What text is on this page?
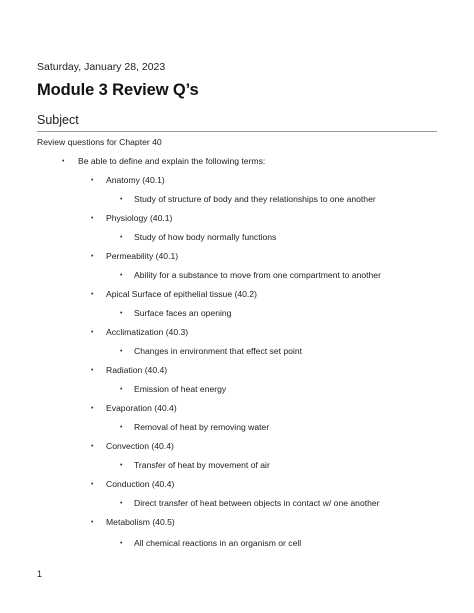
Saturday, January 28, 2023
Module 3 Review Q’s
Subject
Review questions for Chapter 40
• Be able to define and explain the following terms:
• Anatomy (40.1)
• Study of structure of body and they relationships to one another
• Physiology (40.1)
• Study of how body normally functions
• Permeability (40.1)
• Ability for a substance to move from one compartment to another
• Apical Surface of epithelial tissue (40.2)
• Surface faces an opening
• Acclimatization (40.3)
• Changes in environment that effect set point
• Radiation (40.4)
• Emission of heat energy
• Evaporation (40.4)
• Removal of heat by removing water
• Convection (40.4)
• Transfer of heat by movement of air
• Conduction (40.4)
• Direct transfer of heat between objects in contact w/ one another
• Metabolism (40.5)
• All chemical reactions in an organism or cell
1
